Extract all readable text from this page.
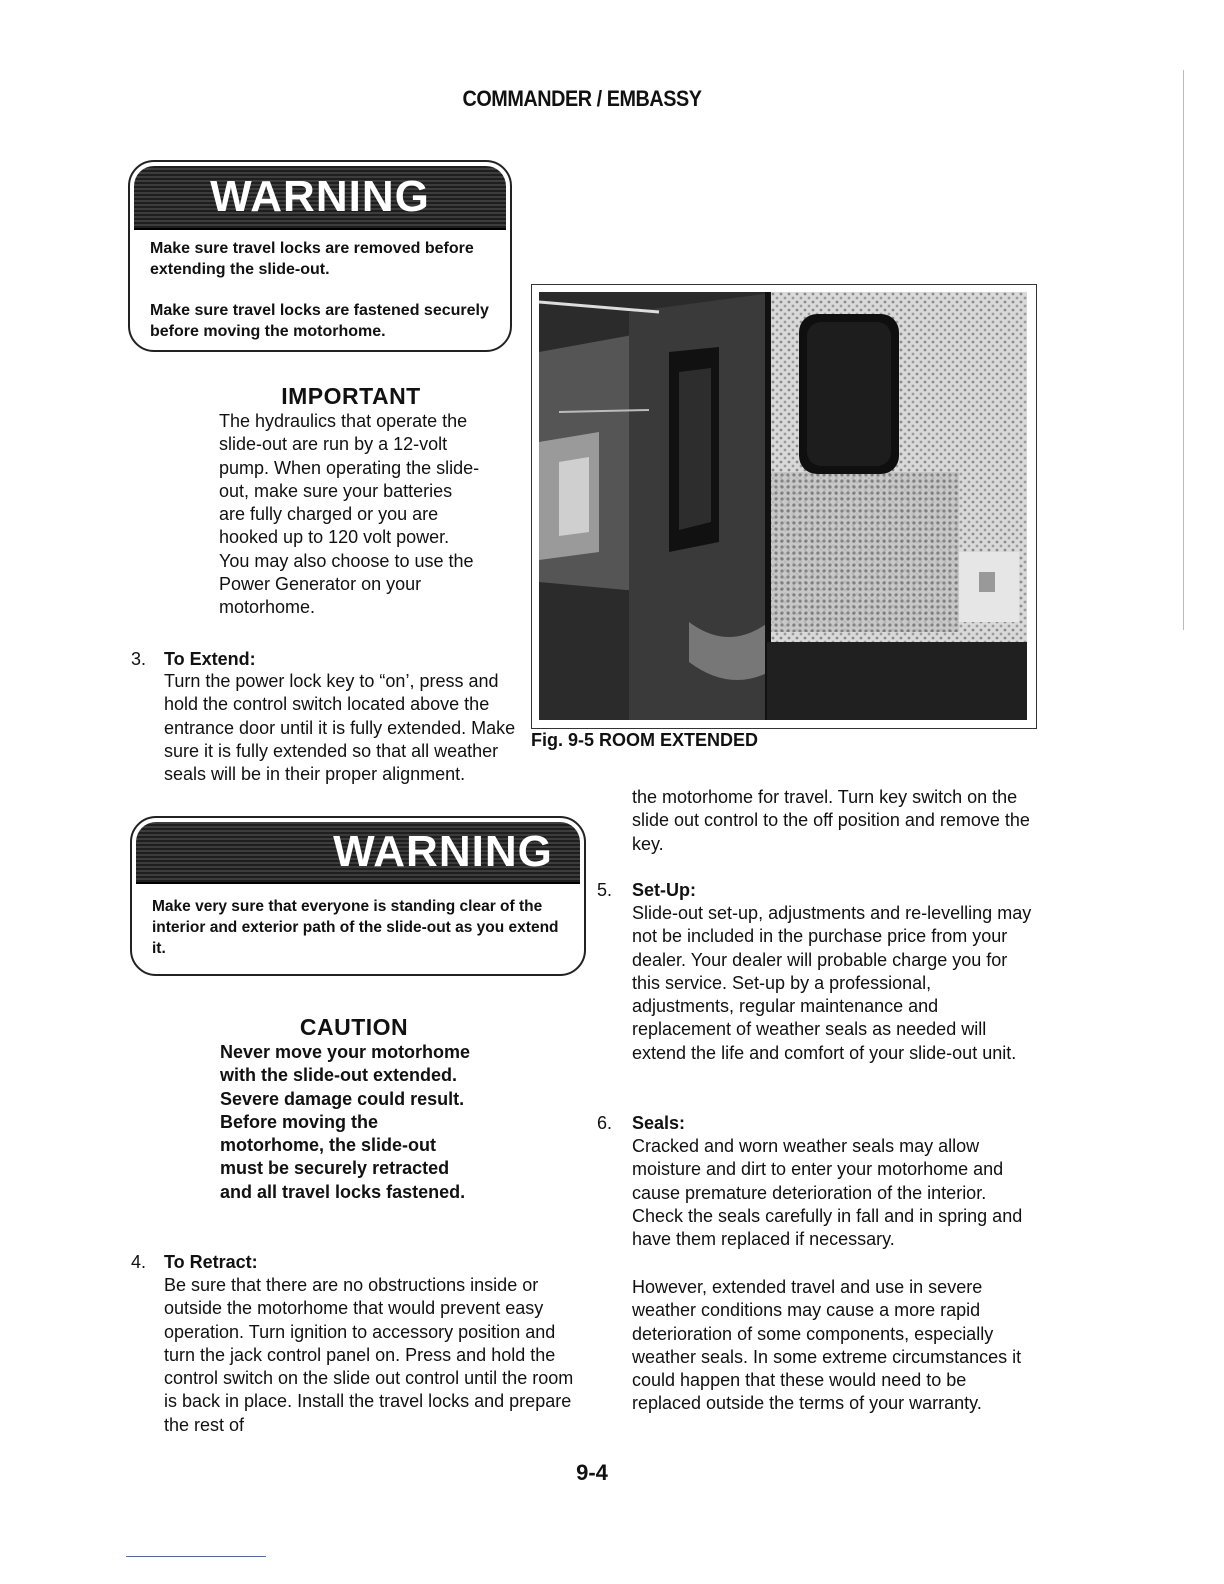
COMMANDER / EMBASSY
WARNING

Make sure travel locks are removed before extending the slide-out.

Make sure travel locks are fastened securely before moving the motorhome.

IMPORTANT
The hydraulics that operate the slide-out are run by a 12-volt pump. When operating the slide-out, make sure your batteries are fully charged or you are hooked up to 120 volt power. You may also choose to use the Power Generator on your motorhome.
Fig. 9-5 ROOM EXTENDED
3. To Extend:
Turn the power lock key to “on’, press and hold the control switch located above the entrance door until it is fully extended. Make sure it is fully extended so that all weather seals will be in their proper alignment.
WARNING
Make very sure that everyone is standing clear of the interior and exterior path of the slide-out as you extend it.
CAUTION
Never move your motorhome with the slide-out extended. Severe damage could result. Before moving the motorhome, the slide-out must be securely retracted and all travel locks fastened.
4. To Retract:
Be sure that there are no obstructions inside or outside the motorhome that would prevent easy operation. Turn ignition to accessory position and turn the jack control panel on. Press and hold the control switch on the slide out control until the room is back in place. Install the travel locks and prepare the rest of
the motorhome for travel. Turn key switch on the slide out control to the off position and remove the key.
5. Set-Up:
Slide-out set-up, adjustments and re-levelling may not be included in the purchase price from your dealer. Your dealer will probable charge you for this service. Set-up by a professional, adjustments, regular maintenance and replacement of weather seals as needed will extend the life and comfort of your slide-out unit.
6. Seals:
Cracked and worn weather seals may allow moisture and dirt to enter your motorhome and cause premature deterioration of the interior. Check the seals carefully in fall and in spring and have them replaced if necessary.
However, extended travel and use in severe weather conditions may cause a more rapid deterioration of some components, especially weather seals. In some extreme circumstances it could happen that these would need to be replaced outside the terms of your warranty.
9-4
